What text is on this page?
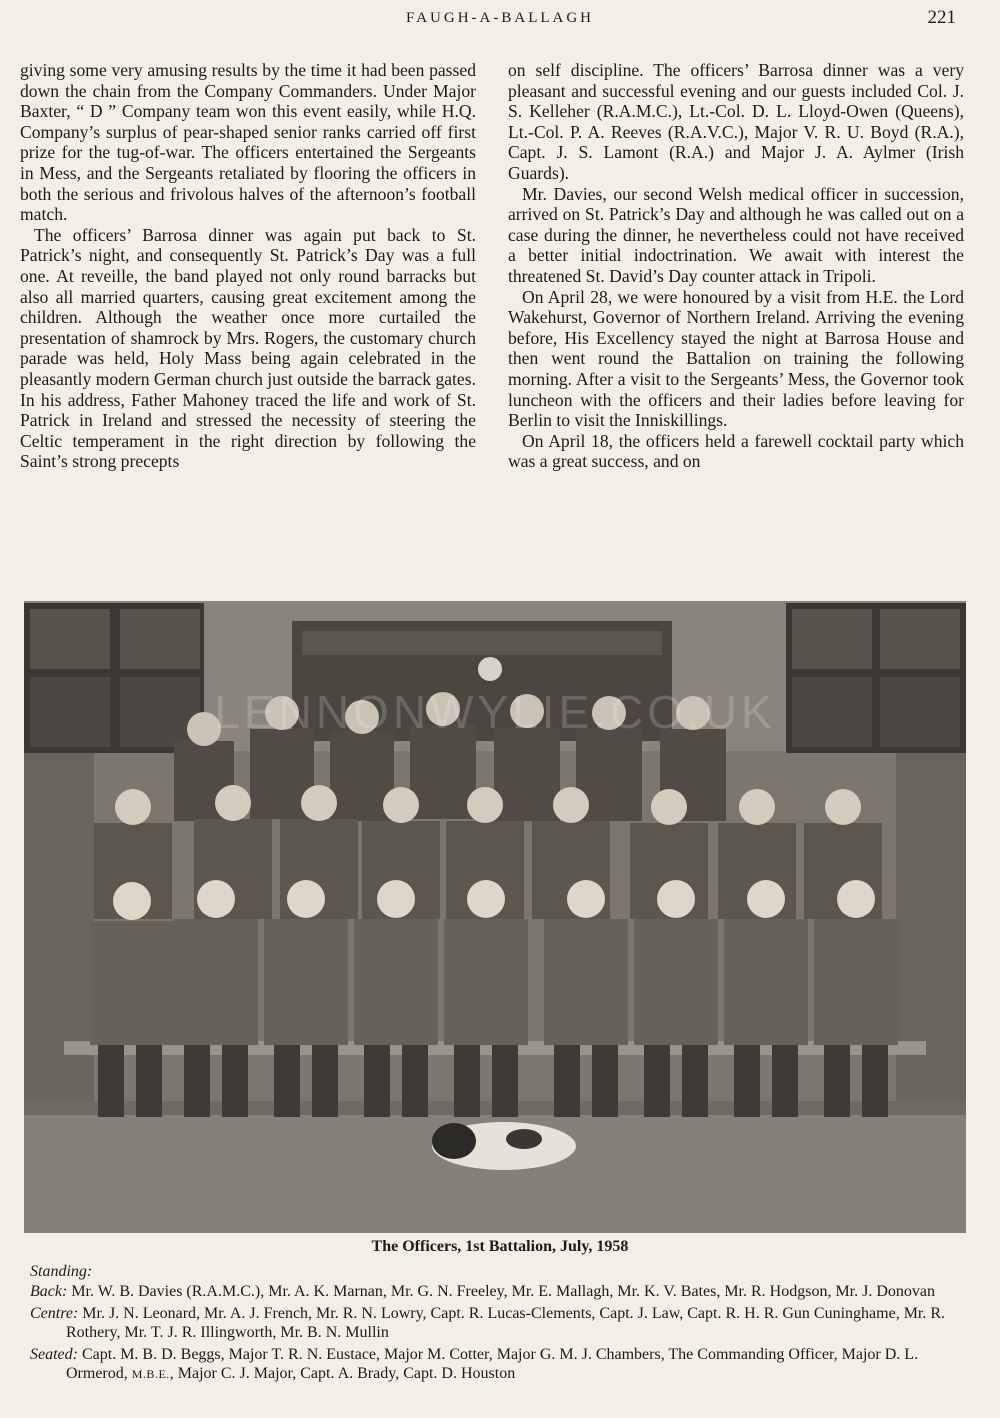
FAUGH-A-BALLAGH	221

giving some very amusing results by the time it had been passed down the chain from the Company Commanders. Under Major Baxter, “ D ” Company team won this event easily, while H.Q. Company’s surplus of pear-shaped senior ranks carried off first prize for the tug-of-war. The officers entertained the Sergeants in Mess, and the Sergeants retaliated by flooring the officers in both the serious and frivolous halves of the afternoon’s football match.

The officers’ Barrosa dinner was again put back to St. Patrick’s night, and consequently St. Patrick’s Day was a full one. At reveille, the band played not only round barracks but also all married quarters, causing great excitement among the children. Although the weather once more curtailed the presentation of shamrock by Mrs. Rogers, the customary church parade was held, Holy Mass being again celebrated in the pleasantly modern German church just outside the barrack gates. In his address, Father Mahoney traced the life and work of St. Patrick in Ireland and stressed the necessity of steering the Celtic temperament in the right direction by following the Saint’s strong precepts

on self discipline. The officers’ Barrosa dinner was a very pleasant and successful evening and our guests included Col. J. S. Kelleher (R.A.M.C.), Lt.-Col. D. L. Lloyd-Owen (Queens), Lt.-Col. P. A. Reeves (R.A.V.C.), Major V. R. U. Boyd (R.A.), Capt. J. S. Lamont (R.A.) and Major J. A. Aylmer (Irish Guards).

Mr. Davies, our second Welsh medical officer in succession, arrived on St. Patrick’s Day and although he was called out on a case during the dinner, he nevertheless could not have received a better initial indoctrination. We await with interest the threatened St. David’s Day counter attack in Tripoli.

On April 28, we were honoured by a visit from H.E. the Lord Wakehurst, Governor of Northern Ireland. Arriving the evening before, His Excellency stayed the night at Barrosa House and then went round the Battalion on training the following morning. After a visit to the Sergeants’ Mess, the Governor took luncheon with the officers and their ladies before leaving for Berlin to visit the Inniskillings.

On April 18, the officers held a farewell cocktail party which was a great success, and on

LENNONWYLIE.CO.UK
The Officers, 1st Battalion, July, 1958
Standing:
Back: Mr. W. B. Davies (R.A.M.C.), Mr. A. K. Marnan, Mr. G. N. Freeley, Mr. E. Mallagh, Mr. K. V. Bates, Mr. R. Hodgson, Mr. J. Donovan
Centre: Mr. J. N. Leonard, Mr. A. J. French, Mr. R. N. Lowry, Capt. R. Lucas-Clements, Capt. J. Law, Capt. R. H. R. Gun Cuninghame, Mr. R. Rothery, Mr. T. J. R. Illingworth, Mr. B. N. Mullin
Seated: Capt. M. B. D. Beggs, Major T. R. N. Eustace, Major M. Cotter, Major G. M. J. Chambers, The Commanding Officer, Major D. L. Ormerod, M.B.E., Major C. J. Major, Capt. A. Brady, Capt. D. Houston
